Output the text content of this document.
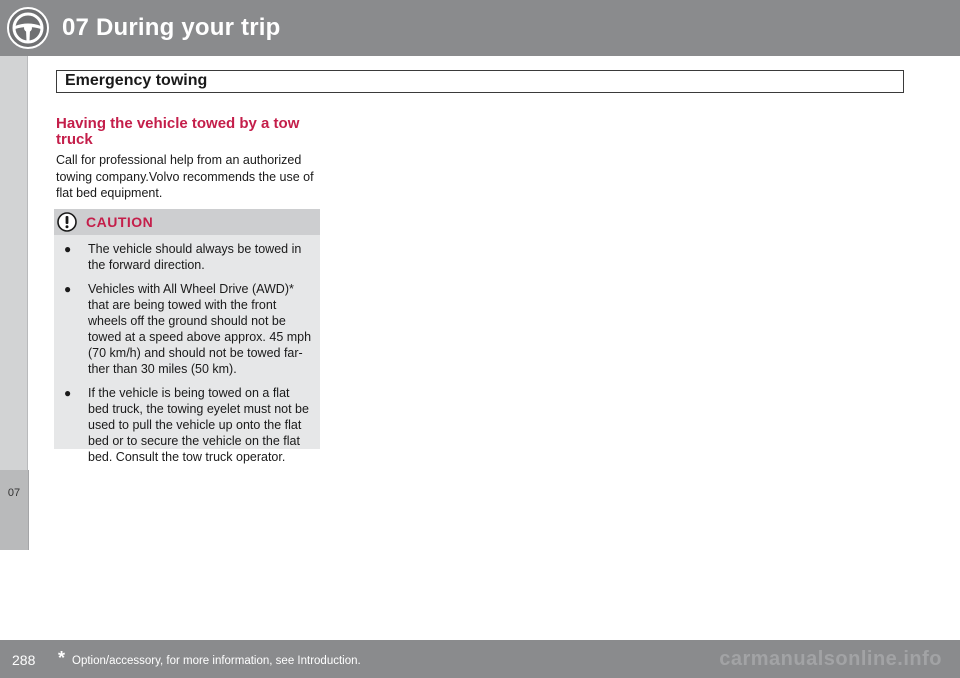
07 During your trip
Emergency towing
07
Having the vehicle towed by a tow truck
Call for professional help from an authorized towing company.Volvo recommends the use of flat bed equipment.
CAUTION
● The vehicle should always be towed in the forward direction.
● Vehicles with All Wheel Drive (AWD)* that are being towed with the front wheels off the ground should not be towed at a speed above approx. 45 mph (70 km/h) and should not be towed far-ther than 30 miles (50 km).
● If the vehicle is being towed on a flat bed truck, the towing eyelet must not be used to pull the vehicle up onto the flat bed or to secure the vehicle on the flat bed. Consult the tow truck operator.
288 * Option/accessory, for more information, see Introduction.	carmanualsonline.info
